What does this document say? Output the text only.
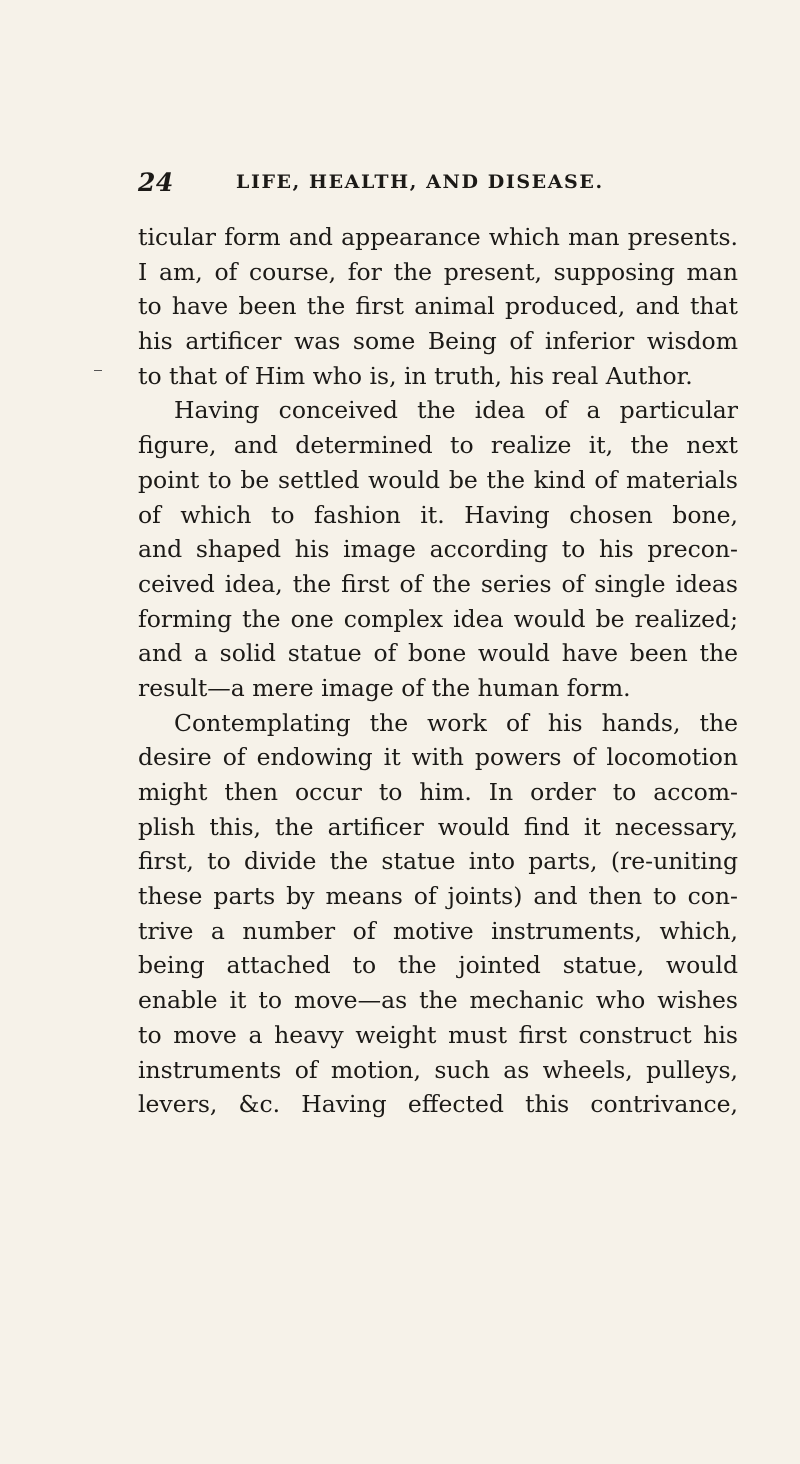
24	LIFE, HEALTH, AND DISEASE.
ticular form and appearance which man presents.
I am, of course, for the present, supposing man
to have been the first animal produced, and that
his artificer was some Being of inferior wisdom
to that of Him who is, in truth, his real Author.
Having conceived the idea of a particular
figure, and determined to realize it, the next
point to be settled would be the kind of materials
of which to fashion it. Having chosen bone,
and shaped his image according to his precon-
ceived idea, the first of the series of single ideas
forming the one complex idea would be realized;
and a solid statue of bone would have been the
result—a mere image of the human form.
Contemplating the work of his hands, the
desire of endowing it with powers of locomotion
might then occur to him. In order to accom-
plish this, the artificer would find it necessary,
first, to divide the statue into parts, (re-uniting
these parts by means of joints) and then to con-
trive a number of motive instruments, which,
being attached to the jointed statue, would
enable it to move—as the mechanic who wishes
to move a heavy weight must first construct his
instruments of motion, such as wheels, pulleys,
levers, &c. Having effected this contrivance,
